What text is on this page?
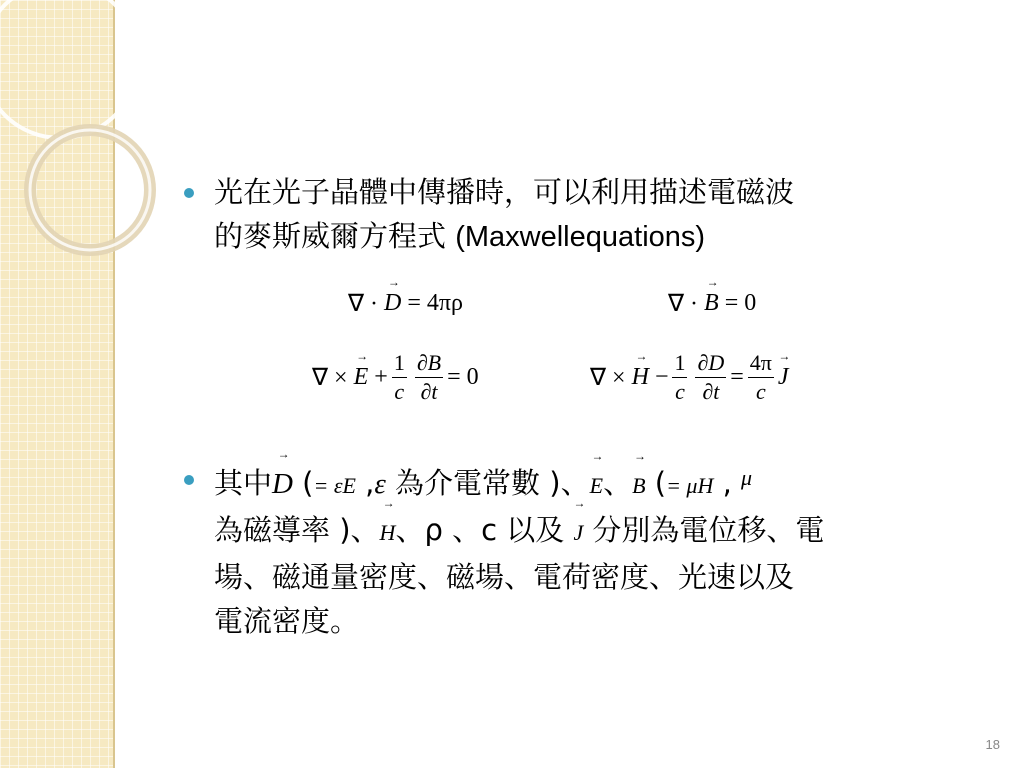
光在光子晶體中傳播時，可以利用描述電磁波
的麥斯威爾方程式 (Maxwellequations)
∇ ·

→ D
= 4πρ	∇ ·

→ B
= 0
∇ ×

→ E
+ $\frac{1}{c} \frac{\partial B}{\partial t} = 0$	∇ ×

→ H
− $\frac{1}{c} \frac{\partial D}{\partial t} = \frac{4\pi}{c}$
→ J
其中→ D (= εE ,ε 為介電常數 )、→ E、→ B (= μH , $^\mu$
為磁導率 )、→ H、ρ 、c 以及 → J 分別為電位移、電
場、磁通量密度、磁場、電荷密度、光速以及
電流密度。
18
